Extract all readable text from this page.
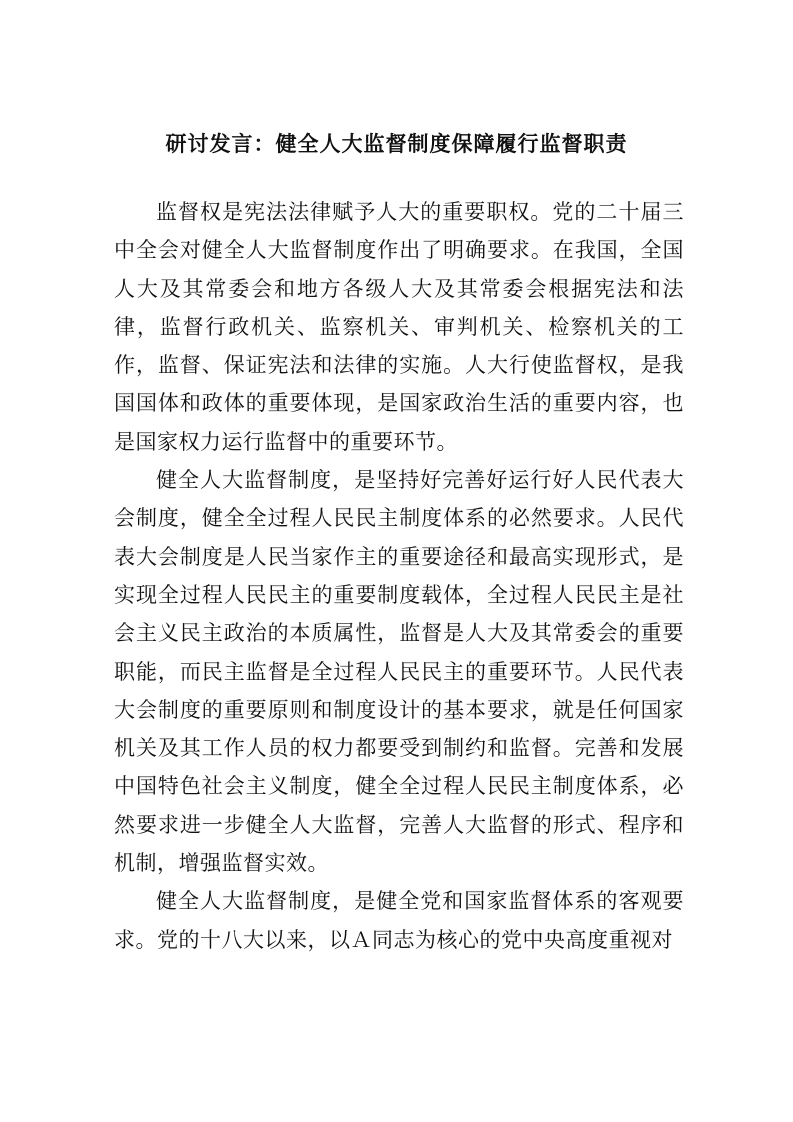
研讨发言：健全人大监督制度保障履行监督职责

监督权是宪法法律赋予人大的重要职权。党的二十届三中全会对健全人大监督制度作出了明确要求。在我国，全国人大及其常委会和地方各级人大及其常委会根据宪法和法律，监督行政机关、监察机关、审判机关、检察机关的工作，监督、保证宪法和法律的实施。人大行使监督权，是我国国体和政体的重要体现，是国家政治生活的重要内容，也是国家权力运行监督中的重要环节。

健全人大监督制度，是坚持好完善好运行好人民代表大会制度，健全全过程人民民主制度体系的必然要求。人民代表大会制度是人民当家作主的重要途径和最高实现形式，是实现全过程人民民主的重要制度载体，全过程人民民主是社会主义民主政治的本质属性，监督是人大及其常委会的重要职能，而民主监督是全过程人民民主的重要环节。人民代表大会制度的重要原则和制度设计的基本要求，就是任何国家机关及其工作人员的权力都要受到制约和监督。完善和发展中国特色社会主义制度，健全全过程人民民主制度体系，必然要求进一步健全人大监督，完善人大监督的形式、程序和机制，增强监督实效。

健全人大监督制度，是健全党和国家监督体系的客观要求。党的十八大以来，以Ａ同志为核心的党中央高度重视对
